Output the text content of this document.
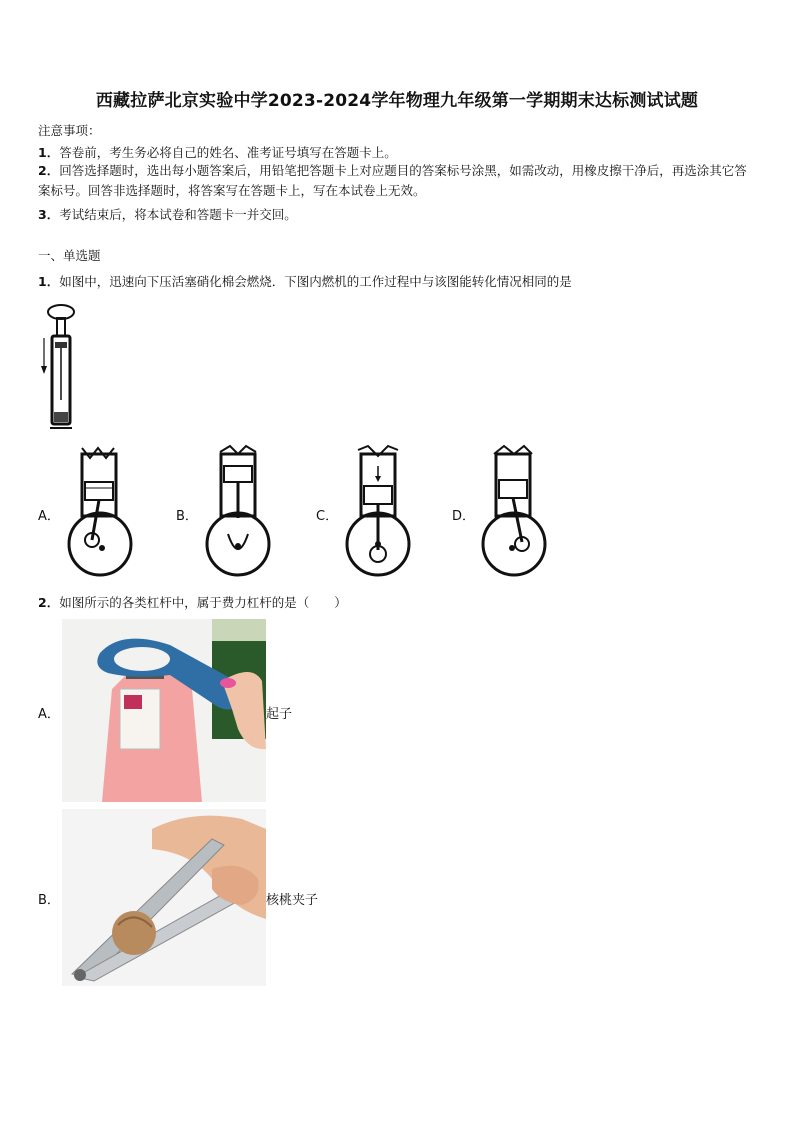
西藏拉萨北京实验中学2023-2024学年物理九年级第一学期期末达标测试试题
注意事项：
1．答卷前，考生务必将自己的姓名、准考证号填写在答题卡上。
2．回答选择题时，选出每小题答案后，用铅笔把答题卡上对应题目的答案标号涂黑，如需改动，用橡皮擦干净后，再选涂其它答案标号。回答非选择题时，将答案写在答题卡上，写在本试卷上无效。
3．考试结束后，将本试卷和答题卡一并交回。
一、单选题
1．如图中，迅速向下压活塞硝化棉会燃烧．下图内燃机的工作过程中与该图能转化情况相同的是
A．	B．	C．	D．
2．如图所示的各类杠杆中，属于费力杠杆的是（　　）
A．	起子
B．	核桃夹子
